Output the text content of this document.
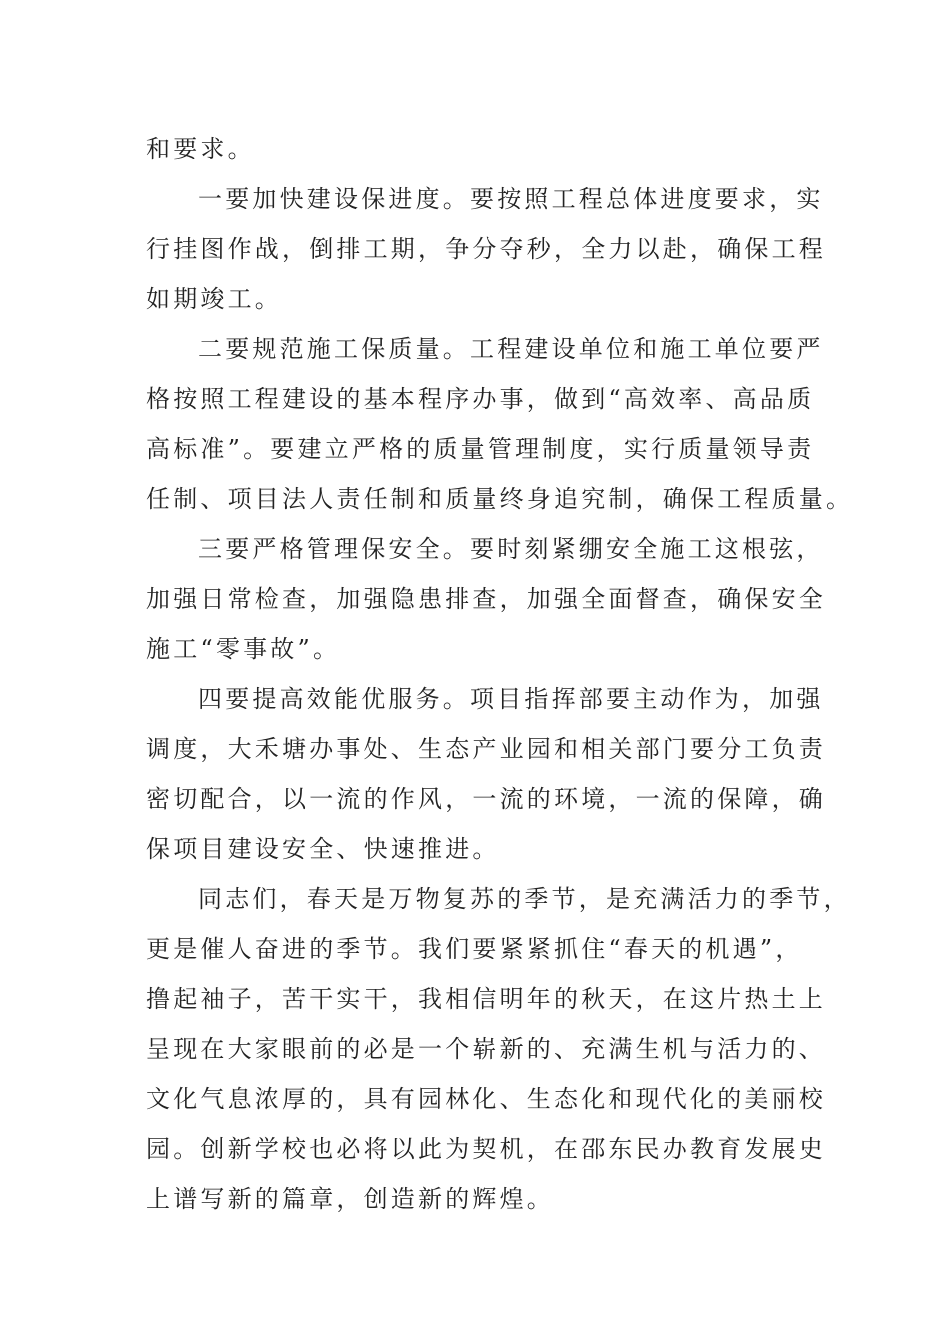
和要求。
一要加快建设保进度。要按照工程总体进度要求，实
行挂图作战，倒排工期，争分夺秒，全力以赴，确保工程
如期竣工。
二要规范施工保质量。工程建设单位和施工单位要严
格按照工程建设的基本程序办事，做到“高效率、高品质
高标准”。要建立严格的质量管理制度，实行质量领导责
任制、项目法人责任制和质量终身追究制，确保工程质量。
三要严格管理保安全。要时刻紧绷安全施工这根弦，
加强日常检查，加强隐患排查，加强全面督查，确保安全
施工“零事故”。
四要提高效能优服务。项目指挥部要主动作为，加强
调度，大禾塘办事处、生态产业园和相关部门要分工负责
密切配合，以一流的作风，一流的环境，一流的保障，确
保项目建设安全、快速推进。
同志们，春天是万物复苏的季节，是充满活力的季节，
更是催人奋进的季节。我们要紧紧抓住“春天的机遇”，
撸起袖子，苦干实干，我相信明年的秋天，在这片热土上
呈现在大家眼前的必是一个崭新的、充满生机与活力的、
文化气息浓厚的，具有园林化、生态化和现代化的美丽校
园。创新学校也必将以此为契机，在邵东民办教育发展史
上谱写新的篇章，创造新的辉煌。
